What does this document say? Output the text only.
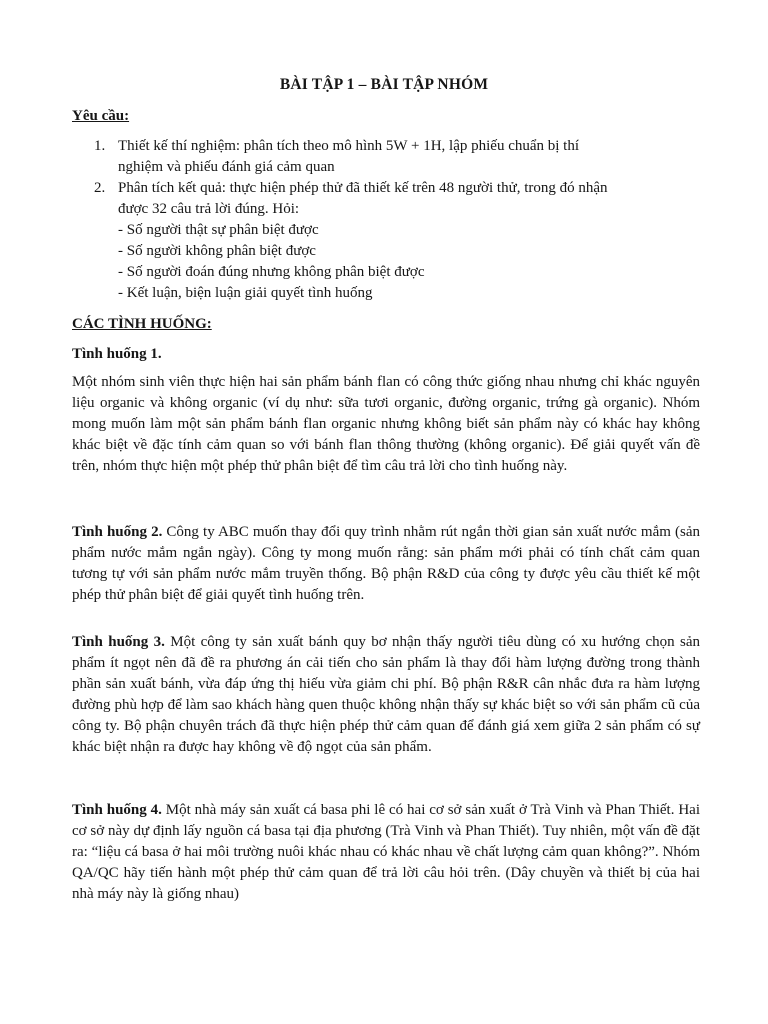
BÀI TẬP 1 – BÀI TẬP NHÓM
Yêu cầu:
1. Thiết kế thí nghiệm: phân tích theo mô hình 5W + 1H, lập phiếu chuẩn bị thí
nghiệm và phiếu đánh giá cảm quan
2. Phân tích kết quả: thực hiện phép thử đã thiết kế trên 48 người thử, trong đó nhận
được 32 câu trả lời đúng. Hỏi:
- Số người thật sự phân biệt được
- Số người không phân biệt được
- Số người đoán đúng nhưng không phân biệt được
- Kết luận, biện luận giải quyết tình huống
CÁC TÌNH HUỐNG:
Tình huống 1.
Một nhóm sinh viên thực hiện hai sản phẩm bánh flan có công thức giống nhau nhưng chỉ khác nguyên liệu organic và không organic (ví dụ như: sữa tươi organic, đường organic, trứng gà organic). Nhóm mong muốn làm một sản phẩm bánh flan organic nhưng không biết sản phẩm này có khác hay không khác biệt về đặc tính cảm quan so với bánh flan thông thường (không organic). Để giải quyết vấn đề trên, nhóm thực hiện một phép thử phân biệt để tìm câu trả lời cho tình huống này.
Tình huống 2. Công ty ABC muốn thay đổi quy trình nhằm rút ngắn thời gian sản xuất nước mắm (sản phẩm nước mắm ngắn ngày). Công ty mong muốn rằng: sản phẩm mới phải có tính chất cảm quan tương tự với sản phẩm nước mắm truyền thống. Bộ phận R&D của công ty được yêu cầu thiết kế một phép thử phân biệt để giải quyết tình huống trên.
Tình huống 3. Một công ty sản xuất bánh quy bơ nhận thấy người tiêu dùng có xu hướng chọn sản phẩm ít ngọt nên đã đề ra phương án cải tiến cho sản phẩm là thay đổi hàm lượng đường trong thành phần sản xuất bánh, vừa đáp ứng thị hiếu vừa giảm chi phí. Bộ phận R&R cân nhắc đưa ra hàm lượng đường phù hợp để làm sao khách hàng quen thuộc không nhận thấy sự khác biệt so với sản phẩm cũ của công ty. Bộ phận chuyên trách đã thực hiện phép thử cảm quan để đánh giá xem giữa 2 sản phẩm có sự khác biệt nhận ra được hay không về độ ngọt của sản phẩm.
Tình huống 4. Một nhà máy sản xuất cá basa phi lê có hai cơ sở sản xuất ở Trà Vinh và Phan Thiết. Hai cơ sở này dự định lấy nguồn cá basa tại địa phương (Trà Vinh và Phan Thiết). Tuy nhiên, một vấn đề đặt ra: “liệu cá basa ở hai môi trường nuôi khác nhau có khác nhau về chất lượng cảm quan không?”. Nhóm QA/QC hãy tiến hành một phép thử cảm quan để trả lời câu hỏi trên. (Dây chuyền và thiết bị của hai nhà máy này là giống nhau)
